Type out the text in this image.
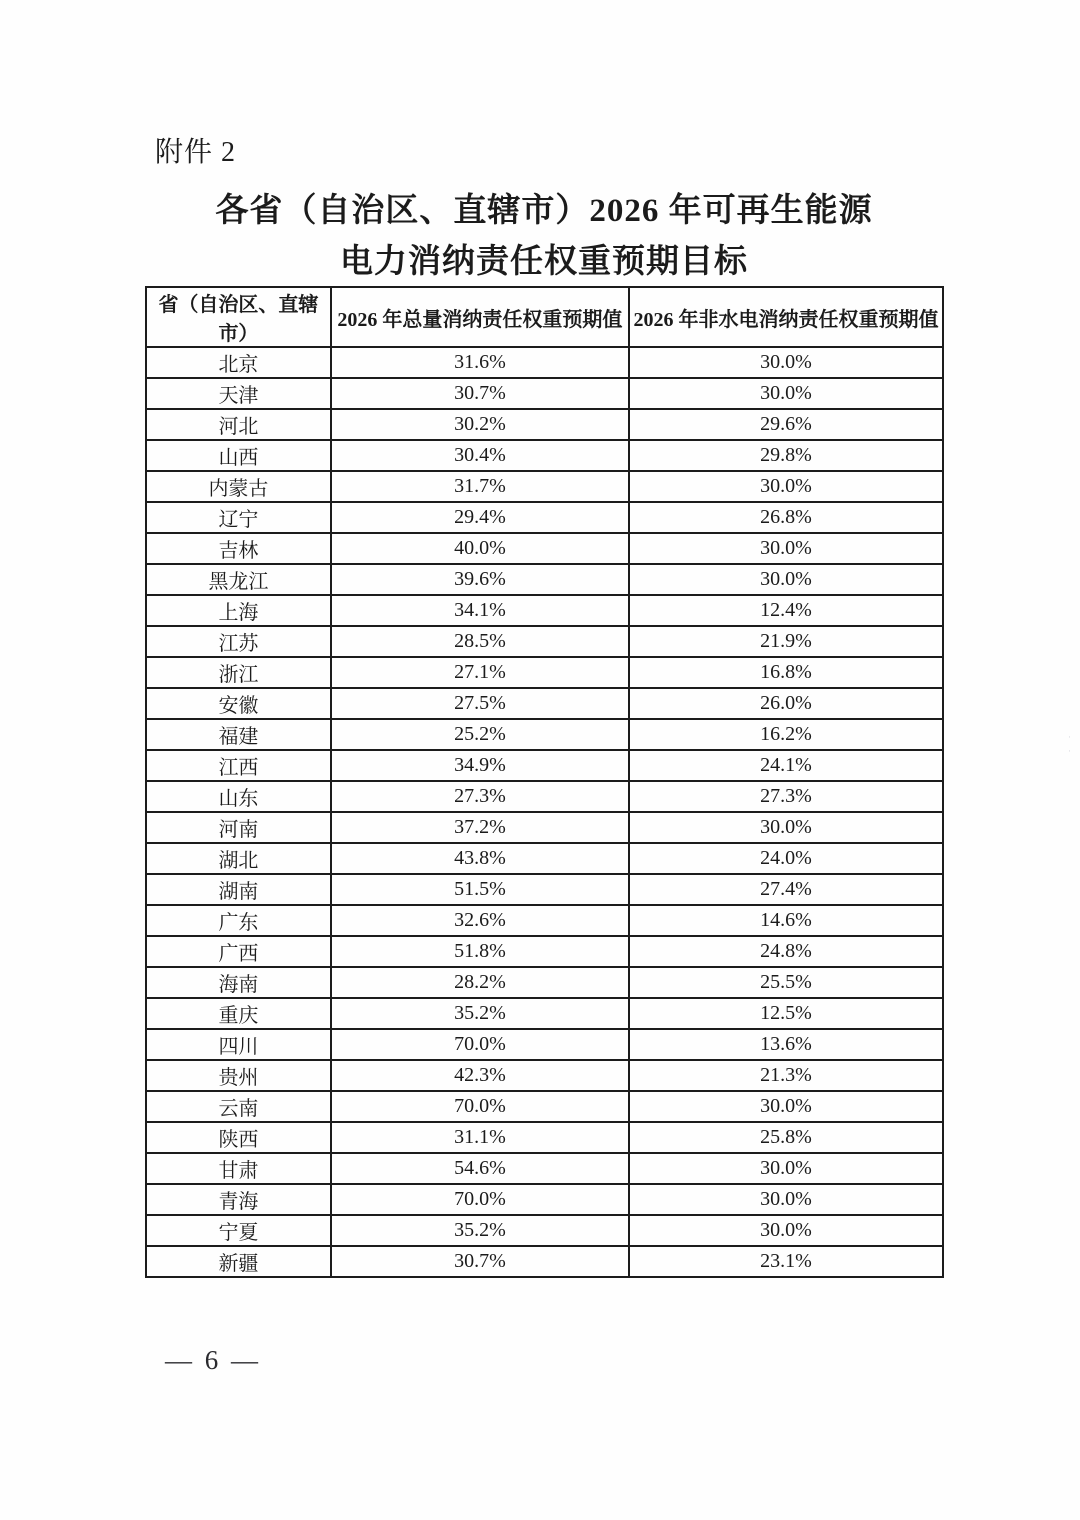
附件 2
各省（自治区、直辖市）2026 年可再生能源
电力消纳责任权重预期目标
省（自治区、直辖市）	2026 年总量消纳责任权重预期值	2026 年非水电消纳责任权重预期值
北京	31.6%	30.0%
天津	30.7%	30.0%
河北	30.2%	29.6%
山西	30.4%	29.8%
内蒙古	31.7%	30.0%
辽宁	29.4%	26.8%
吉林	40.0%	30.0%
黑龙江	39.6%	30.0%
上海	34.1%	12.4%
江苏	28.5%	21.9%
浙江	27.1%	16.8%
安徽	27.5%	26.0%
福建	25.2%	16.2%
江西	34.9%	24.1%
山东	27.3%	27.3%
河南	37.2%	30.0%
湖北	43.8%	24.0%
湖南	51.5%	27.4%
广东	32.6%	14.6%
广西	51.8%	24.8%
海南	28.2%	25.5%
重庆	35.2%	12.5%
四川	70.0%	13.6%
贵州	42.3%	21.3%
云南	70.0%	30.0%
陕西	31.1%	25.8%
甘肃	54.6%	30.0%
青海	70.0%	30.0%
宁夏	35.2%	30.0%
新疆	30.7%	23.1%
— 6 —
·
·
